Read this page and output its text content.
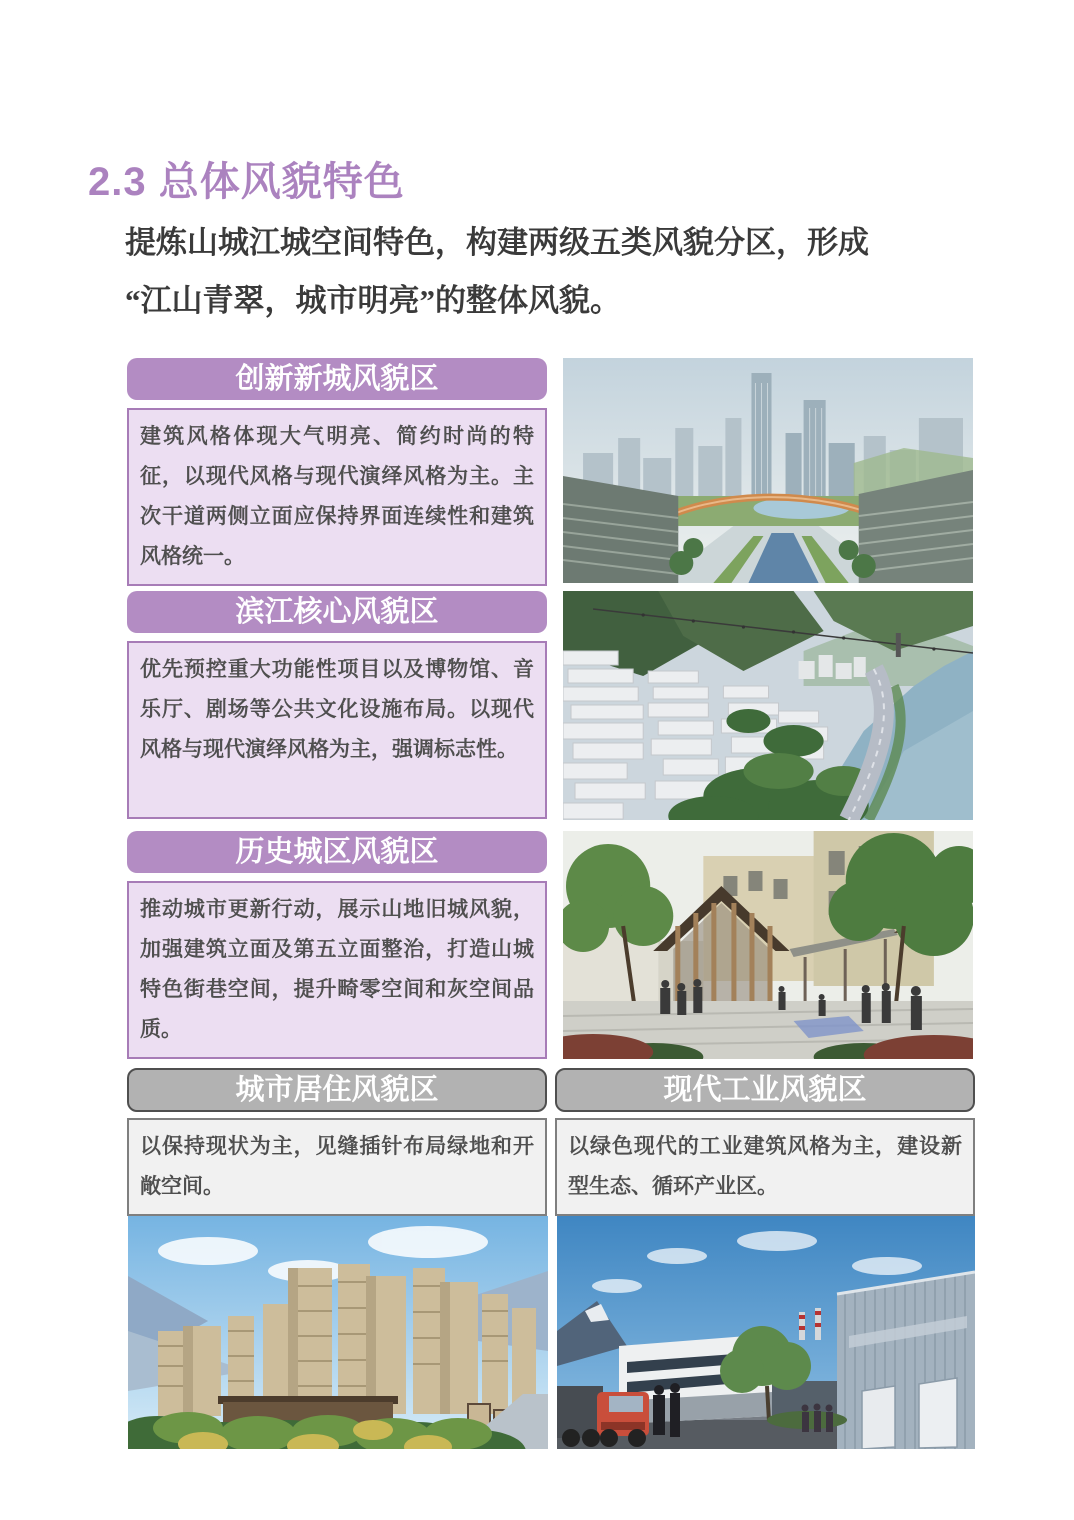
2.3 总体风貌特色

提炼山城江城空间特色，构建两级五类风貌分区，形成
“江山青翠，城市明亮”的整体风貌。

创新新城风貌区
建筑风格体现大气明亮、简约时尚的特征，以现代风格与现代演绎风格为主。主次干道两侧立面应保持界面连续性和建筑风格统一。
滨江核心风貌区
优先预控重大功能性项目以及博物馆、音乐厅、剧场等公共文化设施布局。以现代风格与现代演绎风格为主，强调标志性。
历史城区风貌区
推动城市更新行动，展示山地旧城风貌，加强建筑立面及第五立面整治，打造山城特色街巷空间，提升畸零空间和灰空间品质。
城市居住风貌区
以保持现状为主，见缝插针布局绿地和开敞空间。
现代工业风貌区
以绿色现代的工业建筑风格为主，建设新型生态、循环产业区。
